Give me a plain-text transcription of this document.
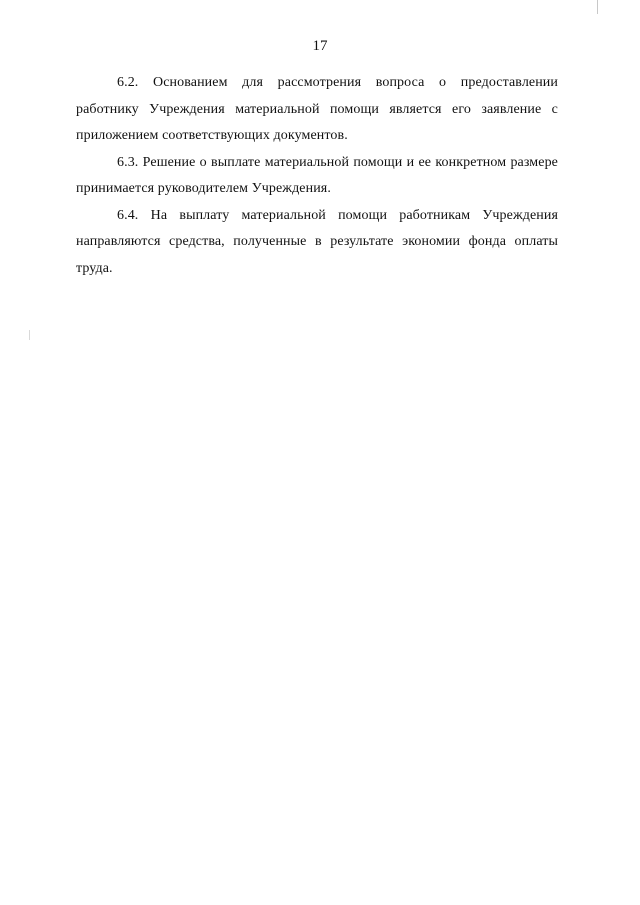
17

6.2. Основанием для рассмотрения вопроса о предоставлении работнику Учреждения материальной помощи является его заявление с приложением соответствующих документов.

6.3. Решение о выплате материальной помощи и ее конкретном размере принимается руководителем Учреждения.

6.4. На выплату материальной помощи работникам Учреждения направляются средства, полученные в результате экономии фонда оплаты труда.
